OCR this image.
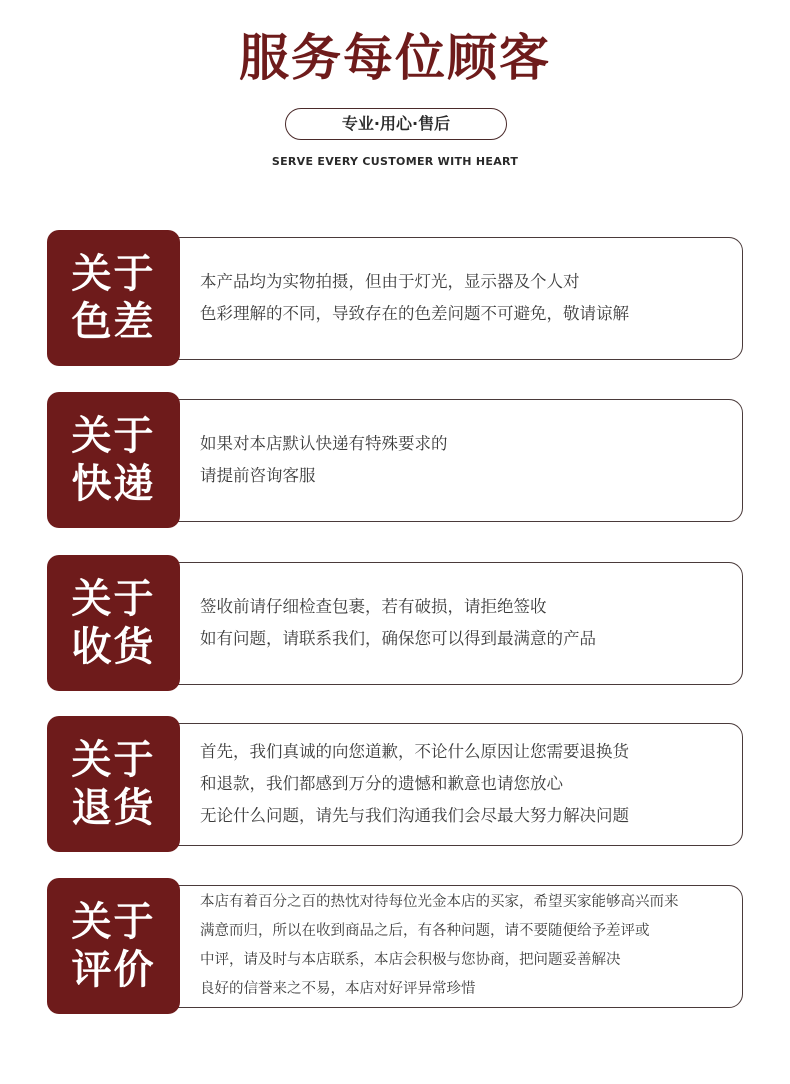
服务每位顾客
专业·用心·售后
SERVE EVERY CUSTOMER WITH HEART
关于
色差
本产品均为实物拍摄，但由于灯光，显示器及个人对
色彩理解的不同，导致存在的色差问题不可避免，敬请谅解
关于
快递
如果对本店默认快递有特殊要求的
请提前咨询客服
关于
收货
签收前请仔细检查包裹，若有破损，请拒绝签收
如有问题，请联系我们，确保您可以得到最满意的产品
关于
退货
首先，我们真诚的向您道歉，不论什么原因让您需要退换货
和退款，我们都感到万分的遗憾和歉意也请您放心
无论什么问题，请先与我们沟通我们会尽最大努力解决问题
关于
评价
本店有着百分之百的热忱对待每位光金本店的买家，希望买家能够高兴而来
满意而归，所以在收到商品之后，有各种问题，请不要随便给予差评或
中评，请及时与本店联系，本店会积极与您协商，把问题妥善解决
良好的信誉来之不易，本店对好评异常珍惜
